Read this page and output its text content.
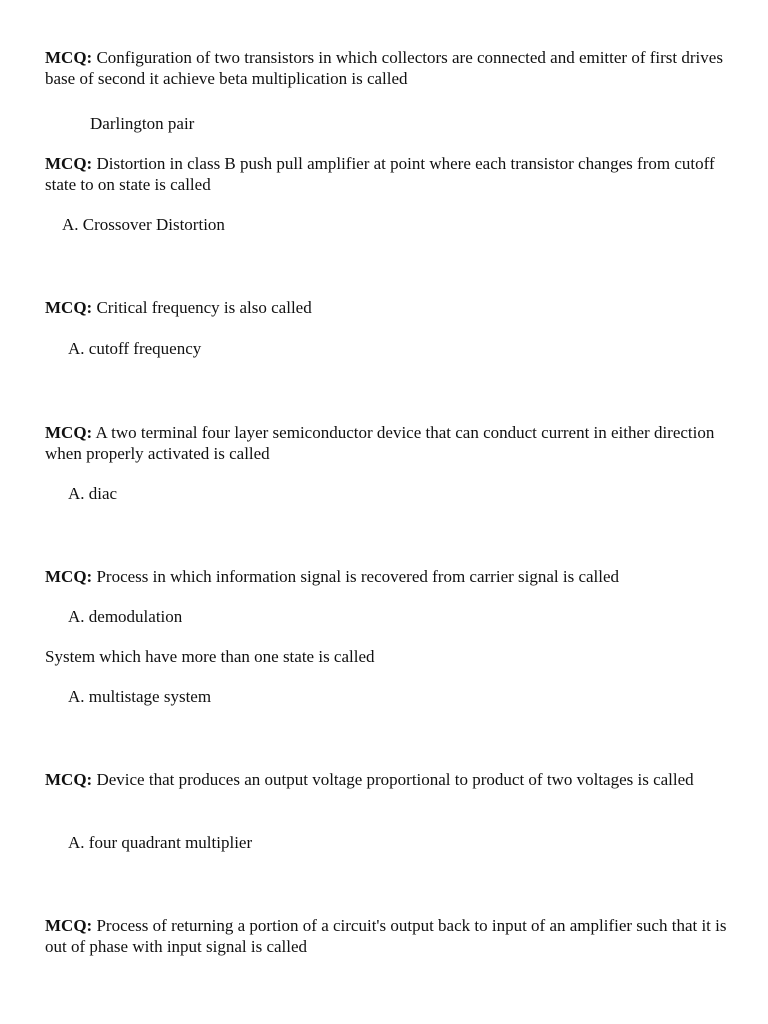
MCQ: Configuration of two transistors in which collectors are connected and emitter of first drives base of second it achieve beta multiplication is called

Darlington pair

MCQ: Distortion in class B push pull amplifier at point where each transistor changes from cutoff state to on state is called

A. Crossover Distortion

MCQ: Critical frequency is also called

A. cutoff frequency

MCQ: A two terminal four layer semiconductor device that can conduct current in either direction when properly activated is called

A. diac

MCQ: Process in which information signal is recovered from carrier signal is called

A. demodulation

System which have more than one state is called

A. multistage system

MCQ: Device that produces an output voltage proportional to product of two voltages is called

A. four quadrant multiplier

MCQ: Process of returning a portion of a circuit's output back to input of an amplifier such that it is out of phase with input signal is called
